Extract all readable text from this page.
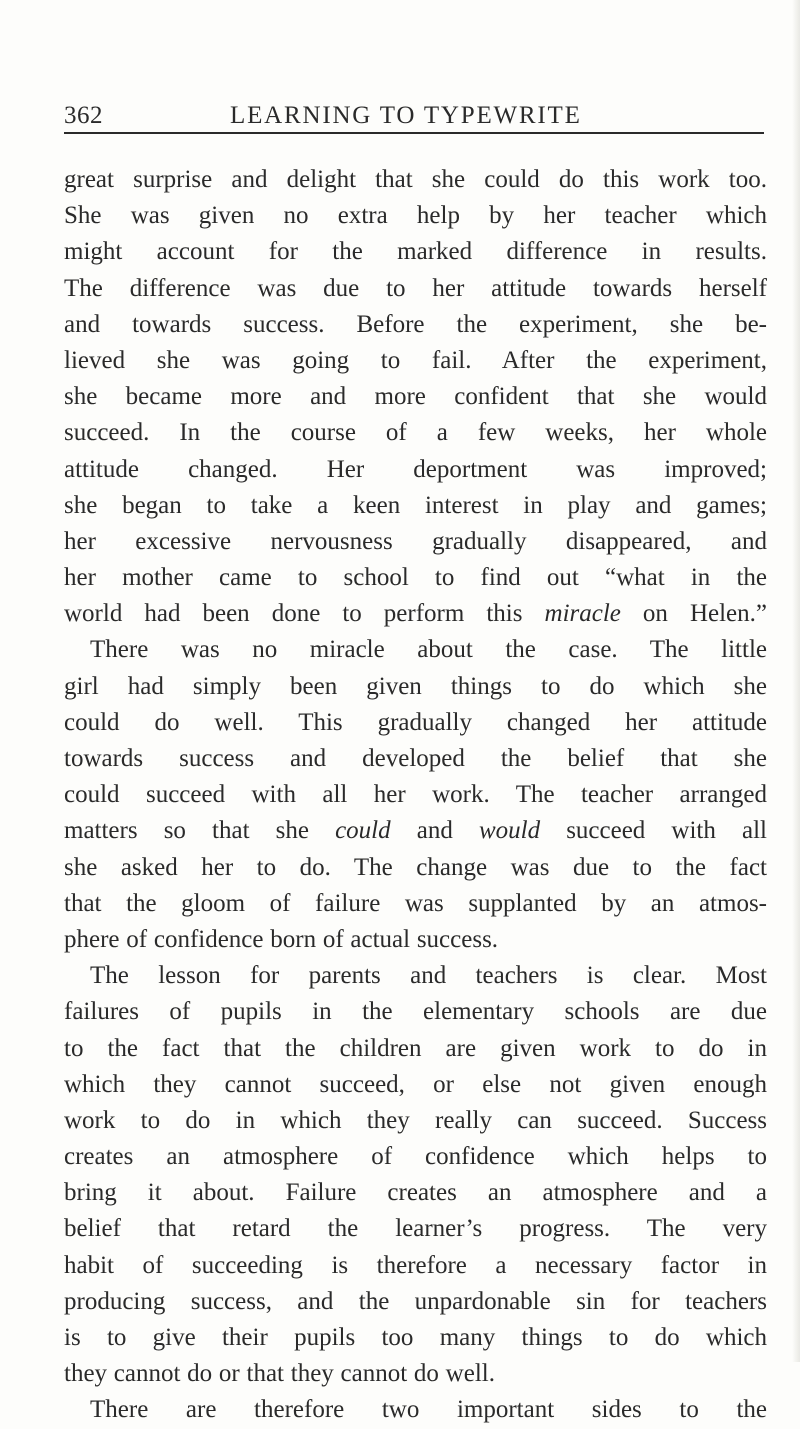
362	LEARNING TO TYPEWRITE
great surprise and delight that she could do this work too.
She was given no extra help by her teacher which
might account for the marked difference in results.
The difference was due to her attitude towards herself
and towards success. Before the experiment, she be-
lieved she was going to fail. After the experiment,
she became more and more confident that she would
succeed. In the course of a few weeks, her whole
attitude changed. Her deportment was improved;
she began to take a keen interest in play and games;
her excessive nervousness gradually disappeared, and
her mother came to school to find out “what in the
world had been done to perform this miracle on Helen.”
There was no miracle about the case. The little
girl had simply been given things to do which she
could do well. This gradually changed her attitude
towards success and developed the belief that she
could succeed with all her work. The teacher arranged
matters so that she could and would succeed with all
she asked her to do. The change was due to the fact
that the gloom of failure was supplanted by an atmos-
phere of confidence born of actual success.
The lesson for parents and teachers is clear. Most
failures of pupils in the elementary schools are due
to the fact that the children are given work to do in
which they cannot succeed, or else not given enough
work to do in which they really can succeed. Success
creates an atmosphere of confidence which helps to
bring it about. Failure creates an atmosphere and a
belief that retard the learner’s progress. The very
habit of succeeding is therefore a necessary factor in
producing success, and the unpardonable sin for teachers
is to give their pupils too many things to do which
they cannot do or that they cannot do well.
There are therefore two important sides to the
